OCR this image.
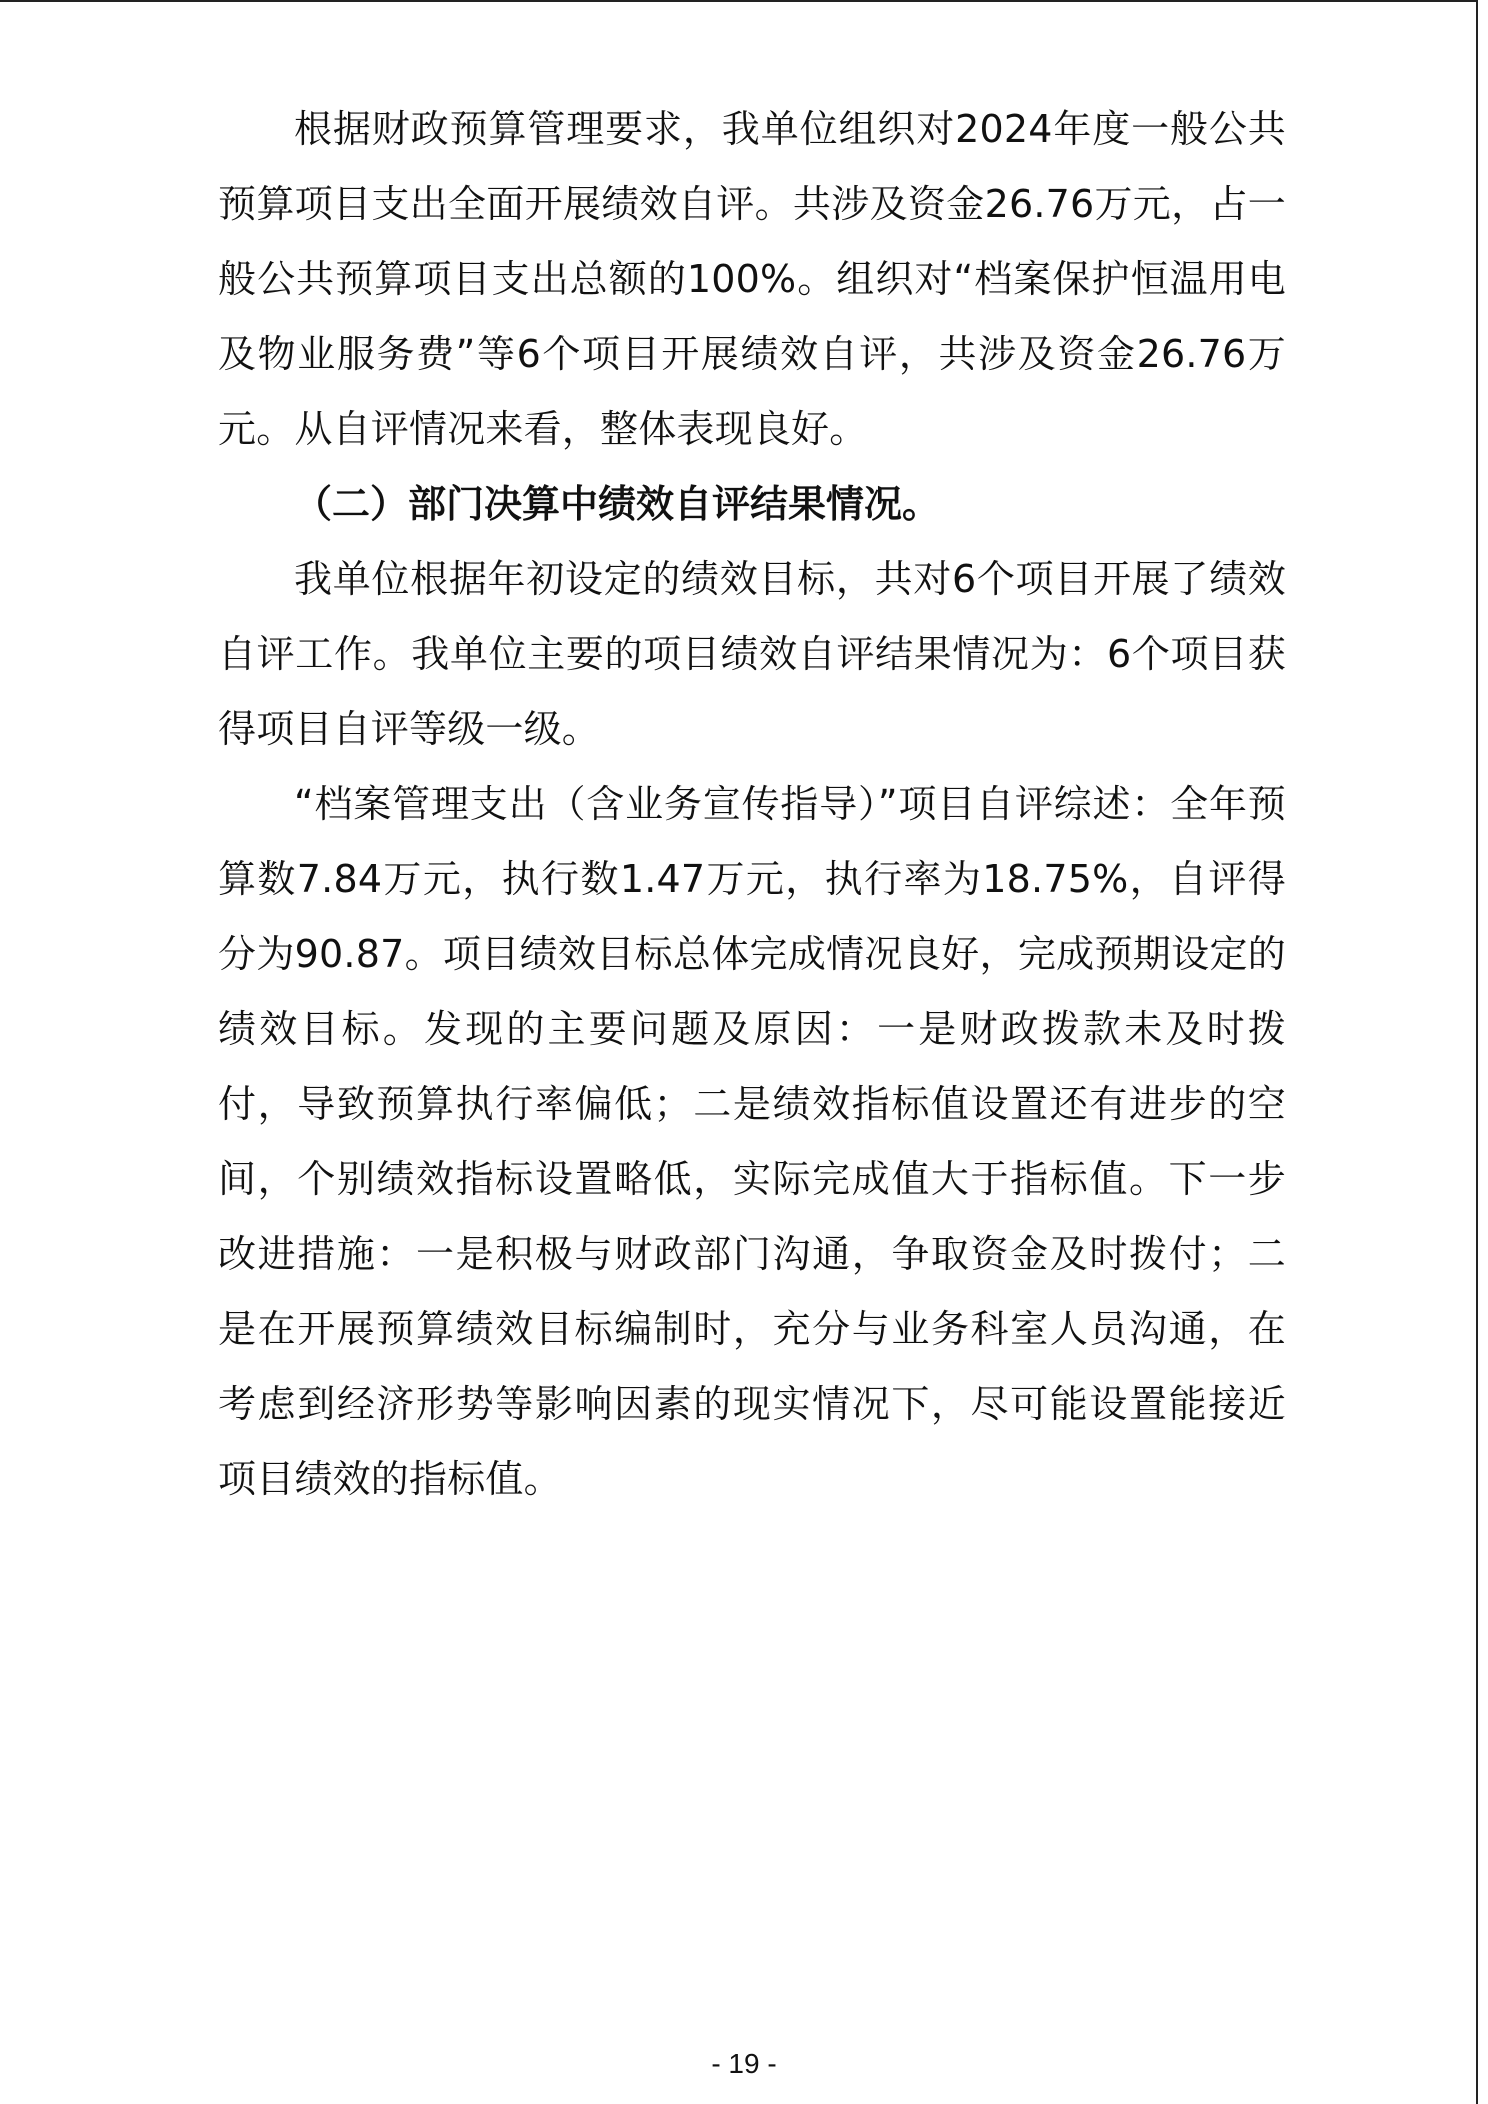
根据财政预算管理要求，我单位组织对2024年度一般公共预算项目支出全面开展绩效自评。共涉及资金26.76万元，占一般公共预算项目支出总额的100%。组织对“档案保护恒温用电及物业服务费”等6个项目开展绩效自评，共涉及资金26.76万元。从自评情况来看，整体表现良好。

（二）部门决算中绩效自评结果情况。

我单位根据年初设定的绩效目标，共对6个项目开展了绩效自评工作。我单位主要的项目绩效自评结果情况为：6个项目获得项目自评等级一级。

“档案管理支出（含业务宣传指导）”项目自评综述：全年预算数7.84万元，执行数1.47万元，执行率为18.75%，自评得分为90.87。项目绩效目标总体完成情况良好，完成预期设定的绩效目标。发现的主要问题及原因：一是财政拨款未及时拨付，导致预算执行率偏低；二是绩效指标值设置还有进步的空间，个别绩效指标设置略低，实际完成值大于指标值。下一步改进措施：一是积极与财政部门沟通，争取资金及时拨付；二是在开展预算绩效目标编制时，充分与业务科室人员沟通，在考虑到经济形势等影响因素的现实情况下，尽可能设置能接近项目绩效的指标值。

- 19 -
